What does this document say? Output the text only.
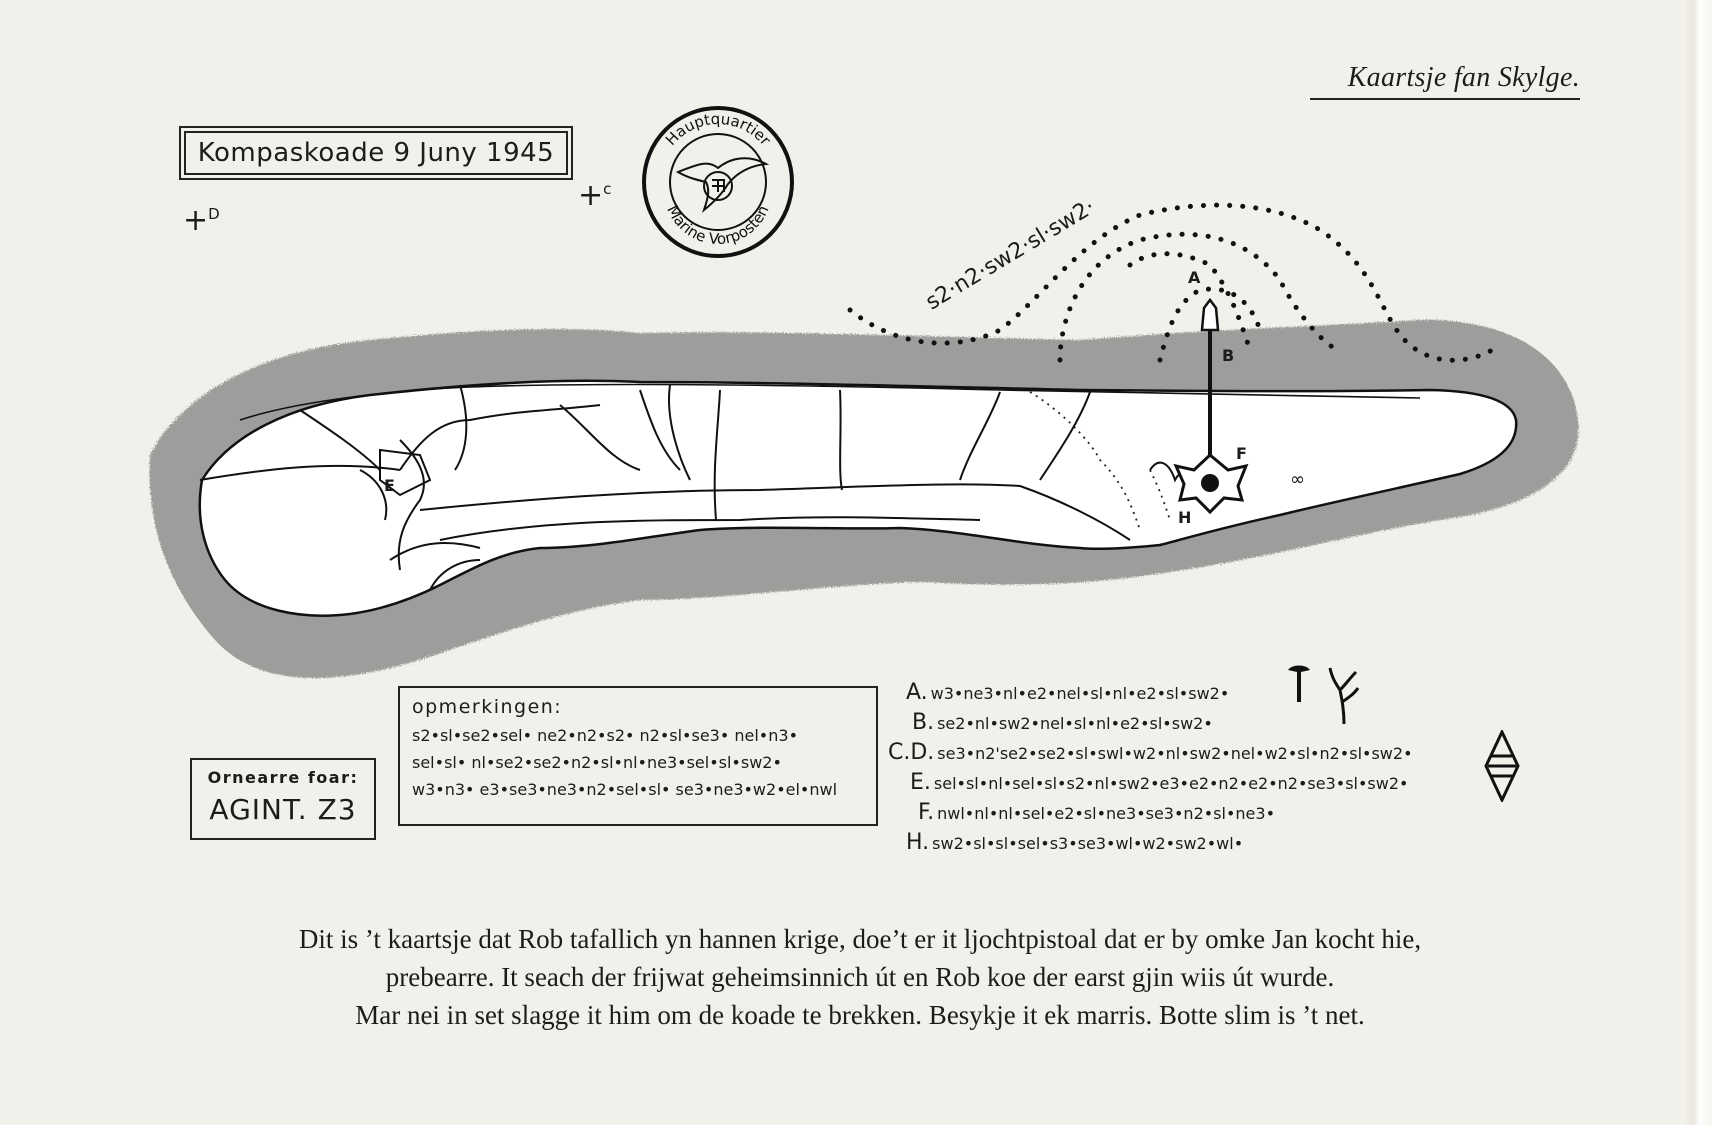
Kaartsje fan Skylge.
∞
Kompaskoade 9 Juny 1945	Hauptquartier
Marine Vorposten
+$^D$
+$^c$
s2·n2·sw2·sl·sw2·	A
B
E
F
H
opmerkingen:
s2•sl•se2•sel• ne2•n2•s2• n2•sl•se3• nel•n3•
sel•sl• nl•se2•se2•n2•sl•nl•ne3•sel•sl•sw2•
w3•n3• e3•se3•ne3•n2•sel•sl• se3•ne3•w2•el•nwl
Ornearre foar:
AGINT. Z3
A. w3•ne3•nl•e2•nel•sl•nl•e2•sl•sw2•
B. se2•nl•sw2•nel•sl•nl•e2•sl•sw2•
C.D. se3•n2'se2•se2•sl•swl•w2•nl•sw2•nel•w2•sl•n2•sl•sw2•
E. sel•sl•nl•sel•sl•s2•nl•sw2•e3•e2•n2•e2•n2•se3•sl•sw2•
F. nwl•nl•nl•sel•e2•sl•ne3•se3•n2•sl•ne3•
H. sw2•sl•sl•sel•s3•se3•wl•w2•sw2•wl•
Dit is ’t kaartsje dat Rob tafallich yn hannen krige, doe’t er it ljochtpistoal dat er by omke Jan kocht hie,
prebearre. It seach der frijwat geheimsinnich út en Rob koe der earst gjin wiis út wurde.
Mar nei in set slagge it him om de koade te brekken. Besykje it ek marris. Botte slim is ’t net.
